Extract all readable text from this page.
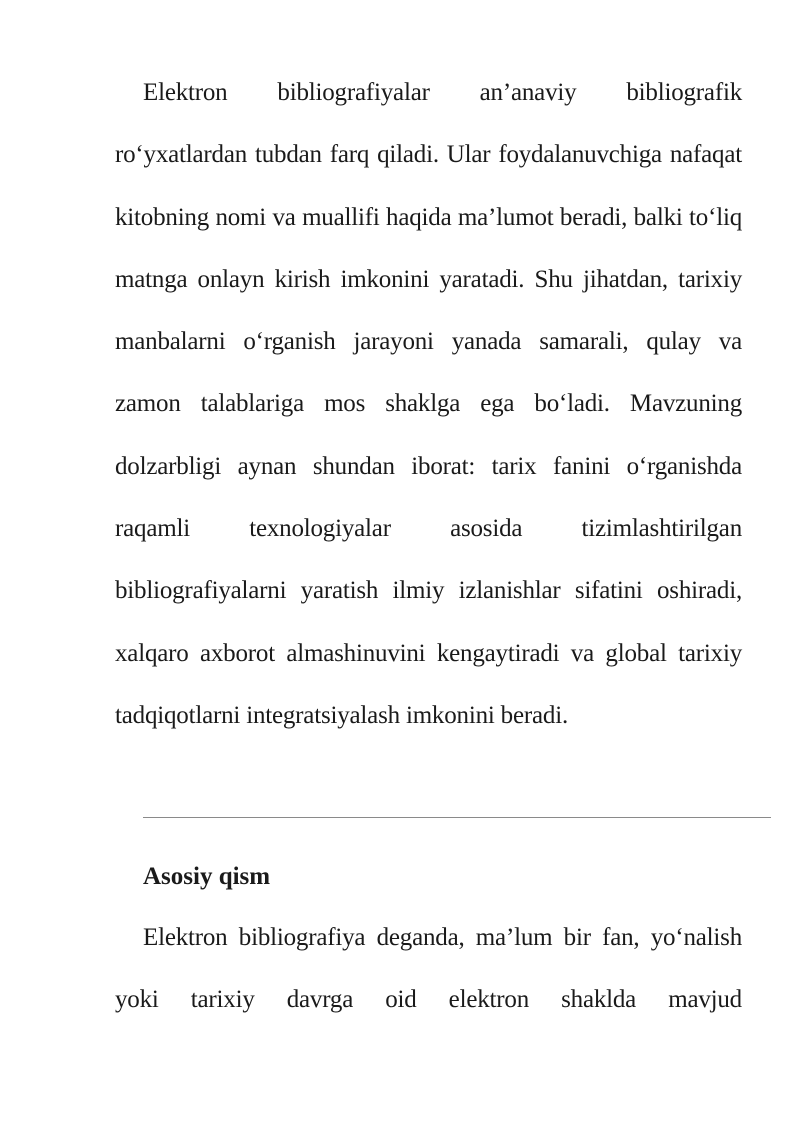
Elektron bibliografiyalar an’anaviy bibliografik ro‘yxatlardan tubdan farq qiladi. Ular foydalanuvchiga nafaqat kitobning nomi va muallifi haqida ma’lumot beradi, balki to‘liq matnga onlayn kirish imkonini yaratadi. Shu jihatdan, tarixiy manbalarni o‘rganish jarayoni yanada samarali, qulay va zamon talablariga mos shaklga ega bo‘ladi. Mavzuning dolzarbligi aynan shundan iborat: tarix fanini o‘rganishda raqamli texnologiyalar asosida tizimlashtirilgan bibliografiyalarni yaratish ilmiy izlanishlar sifatini oshiradi, xalqaro axborot almashinuvini kengaytiradi va global tarixiy tadqiqotlarni integratsiyalash imkonini beradi.

Asosiy qism

Elektron bibliografiya deganda, ma’lum bir fan, yo‘nalish yoki tarixiy davrga oid elektron shaklda mavjud
